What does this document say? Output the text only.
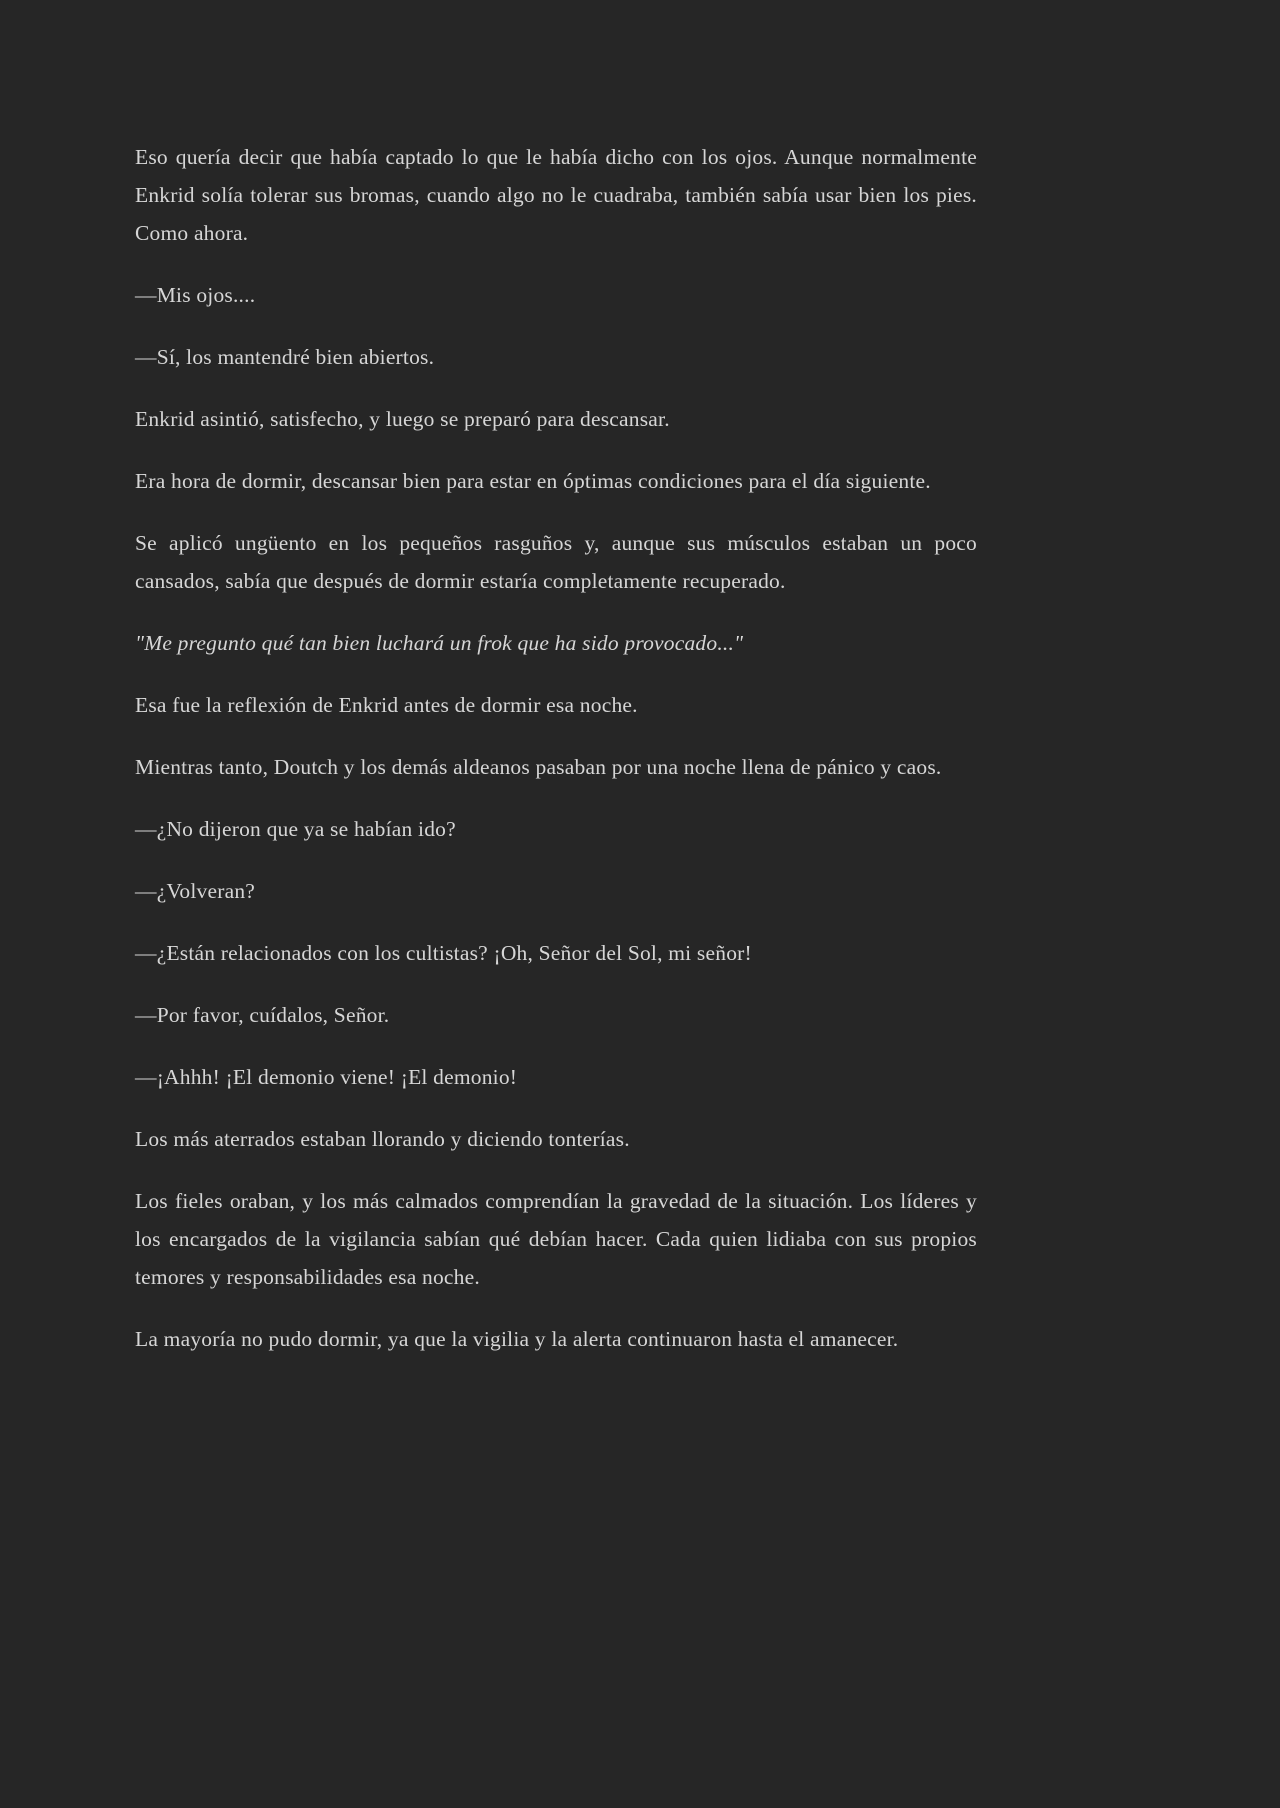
Eso quería decir que había captado lo que le había dicho con los ojos. Aunque normalmente Enkrid solía tolerar sus bromas, cuando algo no le cuadraba, también sabía usar bien los pies. Como ahora.

—Mis ojos....

—Sí, los mantendré bien abiertos.

Enkrid asintió, satisfecho, y luego se preparó para descansar.

Era hora de dormir, descansar bien para estar en óptimas condiciones para el día siguiente.

Se aplicó ungüento en los pequeños rasguños y, aunque sus músculos estaban un poco cansados, sabía que después de dormir estaría completamente recuperado.

"Me pregunto qué tan bien luchará un frok que ha sido provocado..."

Esa fue la reflexión de Enkrid antes de dormir esa noche.

Mientras tanto, Doutch y los demás aldeanos pasaban por una noche llena de pánico y caos.

—¿No dijeron que ya se habían ido?

—¿Volveran?

—¿Están relacionados con los cultistas? ¡Oh, Señor del Sol, mi señor!

—Por favor, cuídalos, Señor.

—¡Ahhh! ¡El demonio viene! ¡El demonio!

Los más aterrados estaban llorando y diciendo tonterías.

Los fieles oraban, y los más calmados comprendían la gravedad de la situación. Los líderes y los encargados de la vigilancia sabían qué debían hacer. Cada quien lidiaba con sus propios temores y responsabilidades esa noche.

La mayoría no pudo dormir, ya que la vigilia y la alerta continuaron hasta el amanecer.
